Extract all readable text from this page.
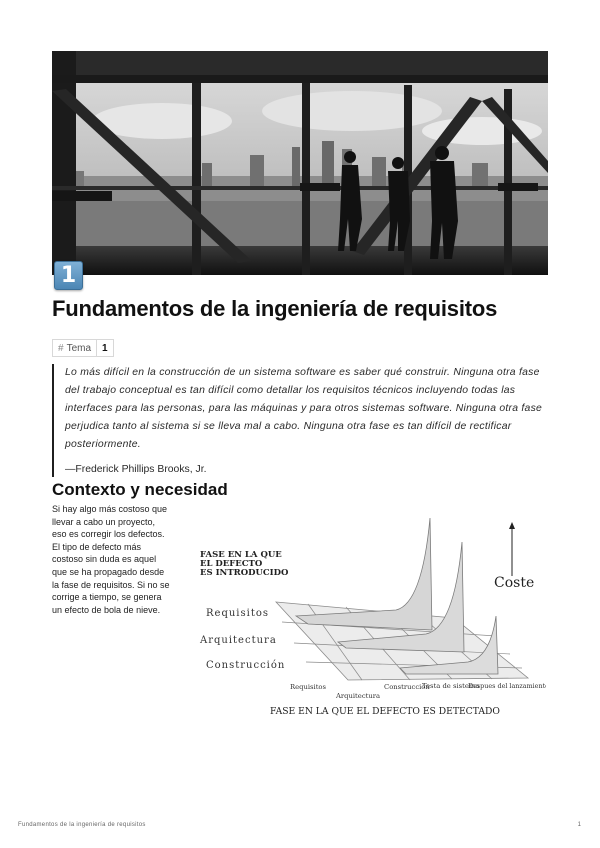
1
Fundamentos de la ingeniería de requisitos
# Tema	1

Lo más difícil en la construcción de un sistema software es saber qué construir. Ninguna otra fase del trabajo conceptual es tan difícil como detallar los requisitos técnicos incluyendo todas las interfaces para las personas, para las máquinas y para otros sistemas software. Ninguna otra fase perjudica tanto al sistema si se lleva mal a cabo. Ninguna otra fase es tan difícil de rectificar posteriormente.

—Frederick Phillips Brooks, Jr.

Contexto y necesidad

Si hay algo más costoso que llevar a cabo un proyecto, eso es corregir los defectos. El tipo de defecto más costoso sin duda es aquel que se ha propagado desde la fase de requisitos. Si no se corrige a tiempo, se genera un efecto de bola de nieve.

Coste
FASE EN LA QUE
EL DEFECTO
ES INTRODUCIDO
Requisitos
Arquitectura
Construcción
Requisitos
Arquitectura
Construcción
Testa de sistema
Despues del lanzamiento
FASE EN LA QUE EL DEFECTO ES DETECTADO
Fundamentos de la ingeniería de requisitos	1
